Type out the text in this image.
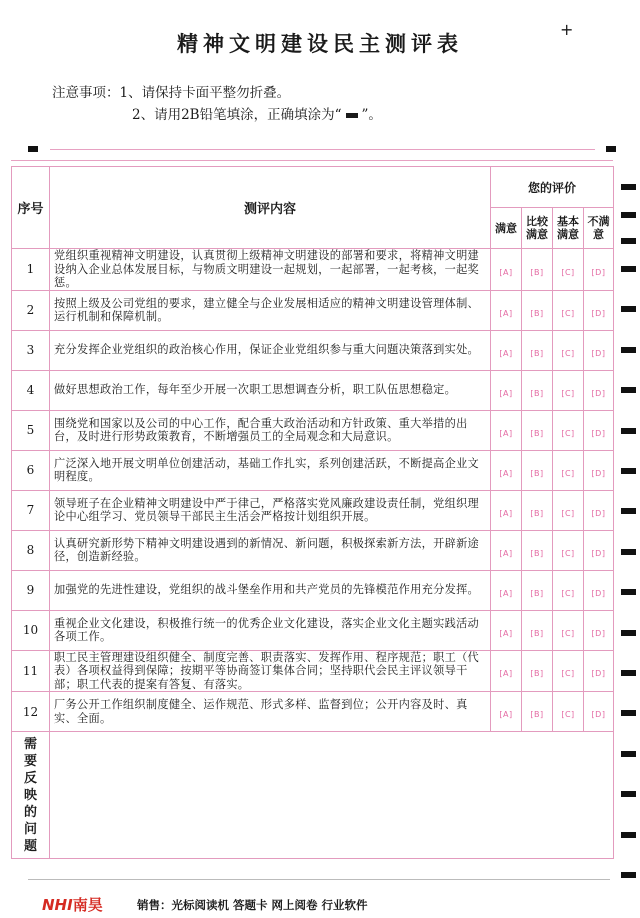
精神文明建设民主测评表
+
注意事项：1、请保持卡面平整勿折叠。
2、请用2B铅笔填涂，正确填涂为“ ”。
序号	测评内容	您的评价			
		满意	比较满意	基本满意	不满意
1	党组织重视精神文明建设，认真贯彻上级精神文明建设的部署和要求，将精神文明建设纳入企业总体发展目标，与物质文明建设一起规划，一起部署，一起考核，一起奖惩。	[A]	[B]	[C]	[D]
2	按照上级及公司党组的要求，建立健全与企业发展相适应的精神文明建设管理体制、运行机制和保障机制。	[A]	[B]	[C]	[D]
3	充分发挥企业党组织的政治核心作用，保证企业党组织参与重大问题决策落到实处。	[A]	[B]	[C]	[D]
4	做好思想政治工作，每年至少开展一次职工思想调查分析，职工队伍思想稳定。	[A]	[B]	[C]	[D]
5	围绕党和国家以及公司的中心工作，配合重大政治活动和方针政策、重大举措的出台，及时进行形势政策教育，不断增强员工的全局观念和大局意识。	[A]	[B]	[C]	[D]
6	广泛深入地开展文明单位创建活动，基础工作扎实，系列创建活跃，不断提高企业文明程度。	[A]	[B]	[C]	[D]
7	领导班子在企业精神文明建设中严于律己，严格落实党风廉政建设责任制，党组织理论中心组学习、党员领导干部民主生活会严格按计划组织开展。	[A]	[B]	[C]	[D]
8	认真研究新形势下精神文明建设遇到的新情况、新问题，积极探索新方法，开辟新途径，创造新经验。	[A]	[B]	[C]	[D]
9	加强党的先进性建设，党组织的战斗堡垒作用和共产党员的先锋模范作用充分发挥。	[A]	[B]	[C]	[D]
10	重视企业文化建设，积极推行统一的优秀企业文化建设，落实企业文化主题实践活动各项工作。	[A]	[B]	[C]	[D]
11	职工民主管理建设组织健全、制度完善、职责落实、发挥作用、程序规范；职工（代表）各项权益得到保障；按期平等协商签订集体合同；坚持职代会民主评议领导干部；职工代表的提案有答复、有落实。	[A]	[B]	[C]	[D]
12	厂务公开工作组织制度健全、运作规范、形式多样、监督到位；公开内容及时、真实、全面。	[A]	[B]	[C]	[D]

需要反映的问题					

NHI南昊	销售：光标阅读机 答题卡 网上阅卷 行业软件
